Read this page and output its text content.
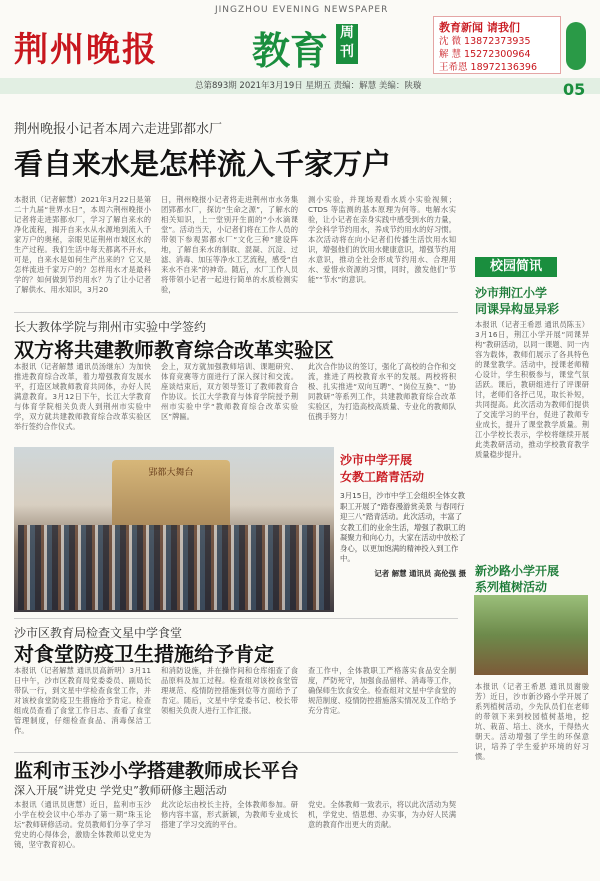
荆州晚报
JINGZHOU EVENING NEWSPAPER
教育 周刊
教育新闻 请我们
沈 微 13872373935
解 慧 15272300964
王希恩 18972136396
总第893期 2021年3月19日 星期五 责编：解慧 美编：陕璇	05
荆州晚报小记者本周六走进郢都水厂
看自来水是怎样流入千家万户
本报讯（记者解慧）2021年3月22日是第二十九届“世界水日”，本周六荆州晚报小记者将走进郢都水厂，学习了解自来水的净化流程，揭开自来水从水源地到流入千家万户的奥秘，亲眼见证荆州市城区水的生产过程。我们生活中每天都离不开水，可是，自来水是如何生产出来的？它又是怎样流进千家万户的？怎样用水才是最科学的？如何做到节约用水？为了让小记者了解供水、用水知识，3月20
日，荆州晚报小记者将走进荆州市水务集团郢都水厂，探访“生命之源”，了解水的相关知识，上一堂别开生面的“小水滴课堂”。活动当天，小记者们将在工作人员的带领下参观郢都水厂“文化三种”建设阵地，了解自来水的制取、混凝、沉淀、过滤、消毒、加压等净水工艺流程，感受“自来水不自来”的神奇。随后，水厂工作人员将带领小记者一起进行简单的水质检测实验，
测小实验，并现场观看水质小实验视频；CTDS 等监测的基本原理为何等。电解水实验，让小记者在亲身实践中感受到水的力量，学会科学节约用水，养成节约用水的好习惯。本次活动将在向小记者们传播生活饮用水知识，增强他们的饮用水健康意识，增强节约用水意识，推动全社会形成节约用水、合理用水、爱惜水资源的习惯，同时，激发他们“节能”“节水”的意识。
校园简讯
沙市荆江小学
同课异构显异彩
本报讯（记者王希恩 通讯员陈玉）3月16日，荆江小学开展“同课异构”教研活动，以同一课题、同一内容为载体，教师们展示了各具特色的课堂教学。活动中，授课老师精心设计，学生积极参与，课堂气氛活跃。课后，教研组进行了评课研讨，老师们各抒己见，取长补短，共同提高。此次活动为教师们提供了交流学习的平台，促进了教师专业成长，提升了课堂教学质量。荆江小学校长表示，学校将继续开展此类教研活动，推动学校教育教学质量稳步提升。
新沙路小学开展
系列植树活动
本报讯（记者王希恩 通讯员谢骏芳）近日，沙市新沙路小学开展了系列植树活动，少先队员们在老师的带领下来到校园植树基地，挖坑、栽苗、培土、浇水，干得热火朝天。活动增强了学生的环保意识，培养了学生爱护环境的好习惯。
长大教体学院与荆州市实验中学签约
双方将共建教师教育综合改革实验区
本报讯（记者解慧 通讯员汤继东）为加快推进教育综合改革，着力增强教育发展水平，打造区域教师教育共同体，办好人民满意教育。3月12日下午，长江大学教育与体育学院相关负责人到荆州市实验中学，双方就共建教师教育综合改革实验区举行签约合作仪式。
会上，双方就加强教师培训、课题研究、体育竞赛等方面进行了深入探讨和交流。座谈结束后，双方领导签订了教师教育合作协议。长江大学教育与体育学院授予荆州市实验中学“教师教育综合改革实验区”牌匾。
此次合作协议的签订，强化了高校的合作和交流，推进了两校教育水平的发展。两校将积极、扎实推进“双向互聘”、“岗位互换”、“协同教研”等系列工作，共建教师教育综合改革实验区，为打造高校高质量、专业化的教师队伍携手努力！
郢都大舞台
沙市中学开展
女教工踏青活动
3月15日，沙市中学工会组织全体女教职工开展了“踏春漫游赏美景 与春同行迎三八”踏青活动。此次活动，丰富了女教工们的业余生活，增强了教职工的凝聚力和向心力，大家在活动中放松了身心，以更加饱满的精神投入到工作中。
记者 解慧 通讯员 高伦强 摄
沙市区教育局检查文星中学食堂
对食堂防疫卫生措施给予肯定
本报讯（记者解慧 通讯员高新明）3月11日中午，沙市区教育局党委委员、副局长带队一行，到文星中学检查食堂工作，并对该校食堂防疫卫生措施给予肯定。检查组成员查看了食堂工作日志、查看了食堂管理制度，仔细检查食品、消毒保洁工作。
和消防设施，并在操作间和仓库细查了食品原料及加工过程。检查组对该校食堂管理规范、疫情防控措施到位等方面给予了肯定。随后，文星中学党委书记、校长带领相关负责人进行工作汇报。
查工作中，全体教职工严格落实食品安全制度，严防死守，加强食品留样、消毒等工作，确保师生饮食安全。检查组对文星中学食堂的规范制度、疫情防控措施落实情况及工作给予充分肯定。
监利市玉沙小学搭建教师成长平台
深入开展“讲党史 学党史”教师研修主题活动
本报讯（通讯员唐慧）近日，监利市玉沙小学在校会议中心举办了第一期“珠玉论坛”教师研修活动。党员教师们分享了学习党史的心得体会，激励全体教师以党史为镜，坚守教育初心。
此次论坛由校长主持，全体教师参加。研修内容丰富，形式新颖，为教师专业成长搭建了学习交流的平台。
党史。全体教师一致表示，将以此次活动为契机，学党史、悟思想、办实事，为办好人民满意的教育作出更大的贡献。
